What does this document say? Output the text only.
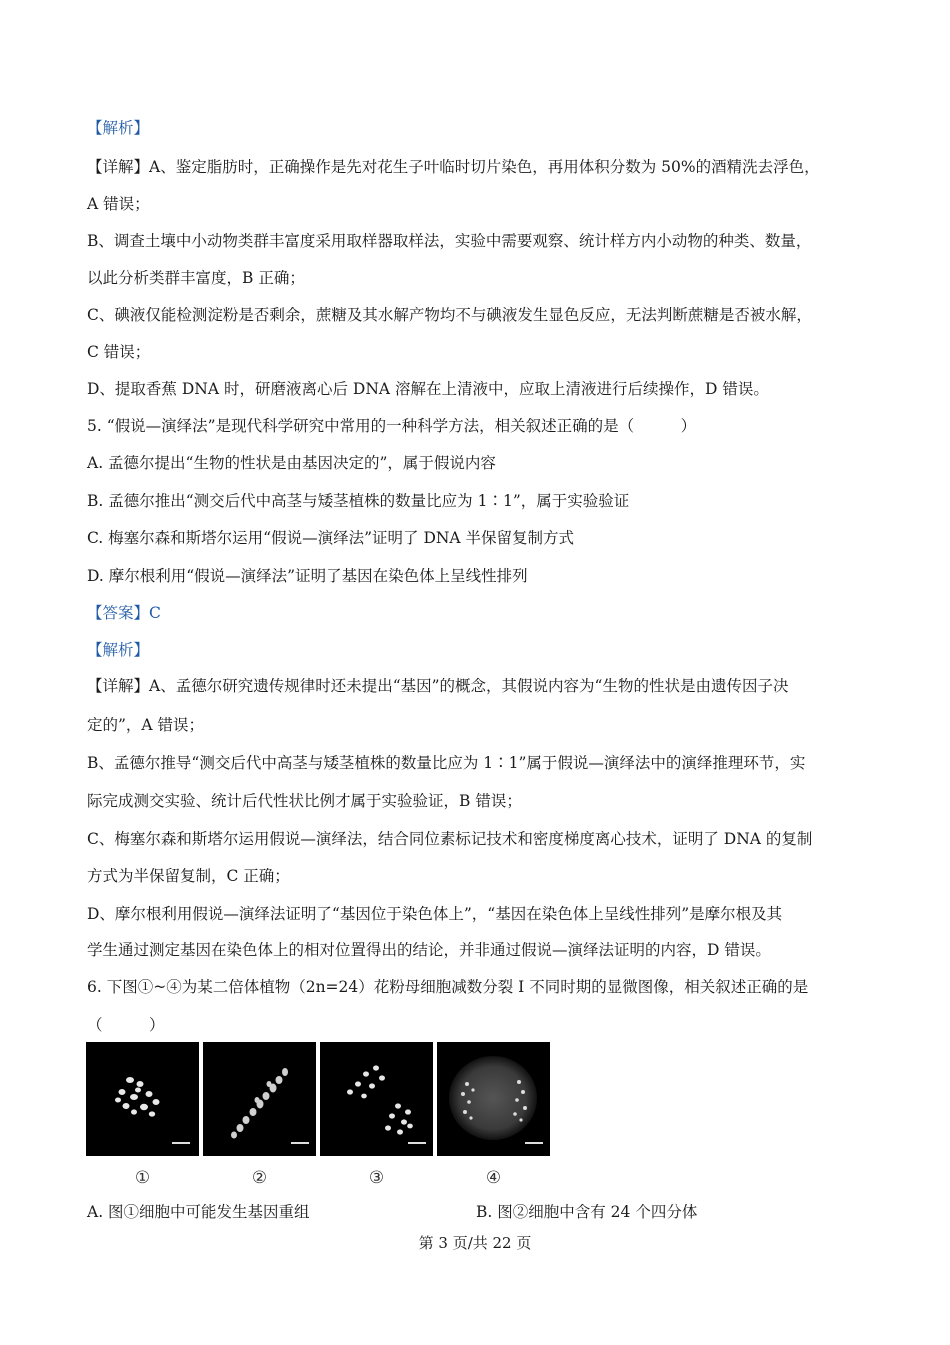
【解析】
【详解】A、鉴定脂肪时，正确操作是先对花生子叶临时切片染色，再用体积分数为 50%的酒精洗去浮色，
A 错误；
B、调查土壤中小动物类群丰富度采用取样器取样法，实验中需要观察、统计样方内小动物的种类、数量，
以此分析类群丰富度，B 正确；
C、碘液仅能检测淀粉是否剩余，蔗糖及其水解产物均不与碘液发生显色反应，无法判断蔗糖是否被水解，
C 错误；
D、提取香蕉 DNA 时，研磨液离心后 DNA 溶解在上清液中，应取上清液进行后续操作，D 错误。
5. “假说—演绎法”是现代科学研究中常用的一种科学方法，相关叙述正确的是（　　　）
A. 孟德尔提出“生物的性状是由基因决定的”，属于假说内容
B. 孟德尔推出“测交后代中高茎与矮茎植株的数量比应为 1∶1”，属于实验验证
C. 梅塞尔森和斯塔尔运用“假说—演绎法”证明了 DNA 半保留复制方式
D. 摩尔根利用“假说—演绎法”证明了基因在染色体上呈线性排列
【答案】C
【解析】
【详解】A、孟德尔研究遗传规律时还未提出“基因”的概念，其假说内容为“生物的性状是由遗传因子决
定的”，A 错误；
B、孟德尔推导“测交后代中高茎与矮茎植株的数量比应为 1∶1”属于假说—演绎法中的演绎推理环节，实
际完成测交实验、统计后代性状比例才属于实验验证，B 错误；
C、梅塞尔森和斯塔尔运用假说—演绎法，结合同位素标记技术和密度梯度离心技术，证明了 DNA 的复制
方式为半保留复制，C 正确；
D、摩尔根利用假说—演绎法证明了“基因位于染色体上”，“基因在染色体上呈线性排列”是摩尔根及其
学生通过测定基因在染色体上的相对位置得出的结论，并非通过假说—演绎法证明的内容，D 错误。
6. 下图①~④为某二倍体植物（2n=24）花粉母细胞减数分裂 I 不同时期的显微图像，相关叙述正确的是
（　　　）
①	②	③	④
A. 图①细胞中可能发生基因重组	B. 图②细胞中含有 24 个四分体
第 3 页/共 22 页
